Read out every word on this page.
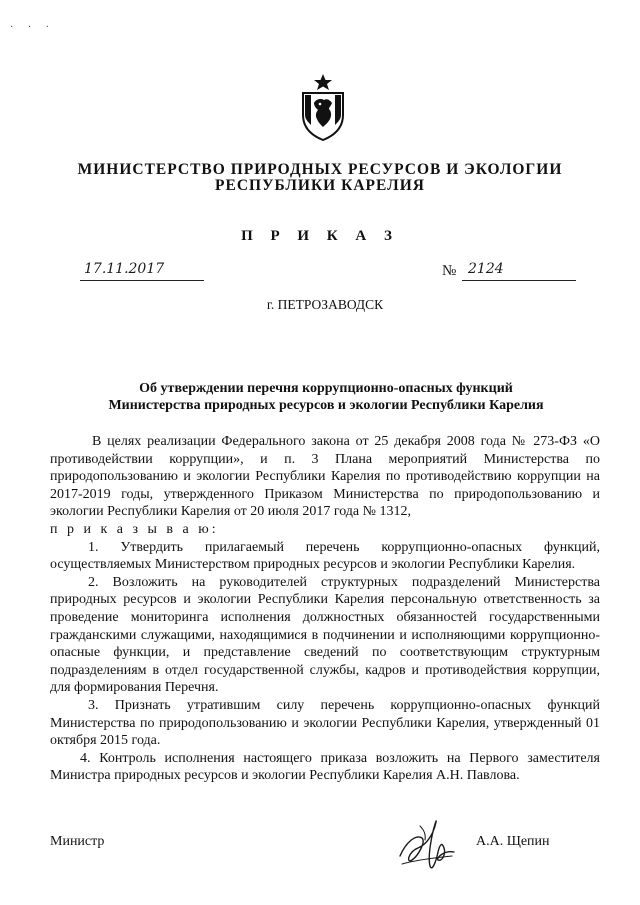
· · ·
МИНИСТЕРСТВО ПРИРОДНЫХ РЕСУРСОВ И ЭКОЛОГИИ
РЕСПУБЛИКИ КАРЕЛИЯ
П Р И К А З
17.11.2017	№ 2124
г. ПЕТРОЗАВОДСК
Об утверждении перечня коррупционно-опасных функций
Министерства природных ресурсов и экологии Республики Карелия

В целях реализации Федерального закона от 25 декабря 2008 года № 273-ФЗ «О противодействии коррупции», и п. 3 Плана мероприятий Министерства по природопользованию и экологии Республики Карелия по противодействию коррупции на 2017-2019 годы, утвержденного Приказом Министерства по природопользованию и экологии Республики Карелия от 20 июля 2017 года № 1312,

п р и к а з ы в а ю:

1. Утвердить прилагаемый перечень коррупционно-опасных функций, осуществляемых Министерством природных ресурсов и экологии Республики Карелия.

2. Возложить на руководителей структурных подразделений Министерства природных ресурсов и экологии Республики Карелия персональную ответственность за проведение мониторинга исполнения должностных обязанностей государственными гражданскими служащими, находящимися в подчинении и исполняющими коррупционно-опасные функции, и представление сведений по соответствующим структурным подразделениям в отдел государственной службы, кадров и противодействия коррупции, для формирования Перечня.

3. Признать утратившим силу перечень коррупционно-опасных функций Министерства по природопользованию и экологии Республики Карелия, утвержденный 01 октября 2015 года.

4. Контроль исполнения настоящего приказа возложить на Первого заместителя Министра природных ресурсов и экологии Республики Карелия А.Н. Павлова.

Министр	А.А. Щепин
